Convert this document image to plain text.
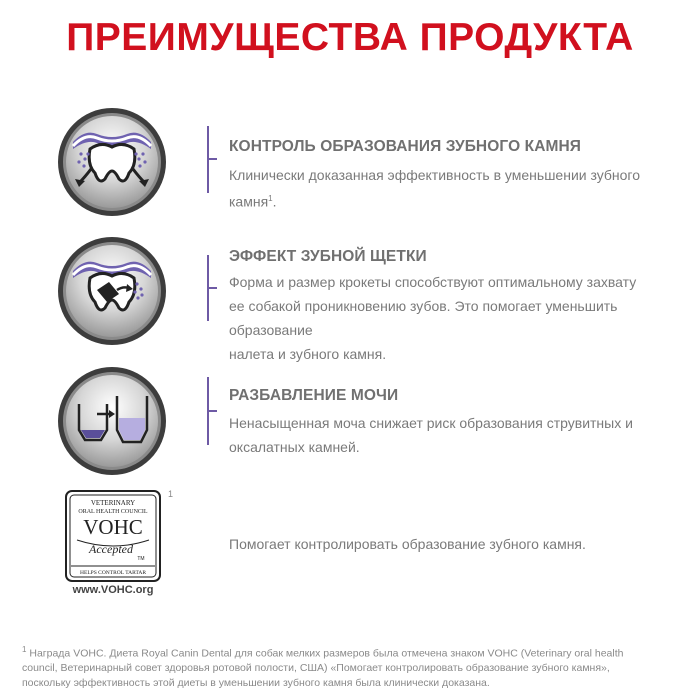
ПРЕИМУЩЕСТВА ПРОДУКТА
КОНТРОЛЬ ОБРАЗОВАНИЯ ЗУБНОГО КАМНЯ
Клинически доказанная эффективность в уменьшении зубного камня$^1$.
ЭФФЕКТ ЗУБНОЙ ЩЕТКИ
Форма и размер крокеты способствуют оптимальному захвату
ее собакой проникновению зубов. Это помогает уменьшить образование
налета и зубного камня.
РАЗБАВЛЕНИЕ МОЧИ
Ненасыщенная моча снижает риск образования струвитных и
оксалатных камней.
VETERINARY
ORAL HEALTH COUNCIL
VOHC
Accepted
TM
HELPS CONTROL TARTAR
www.VOHC.org
1
Помогает контролировать образование зубного камня.
$^1$ Награда VOHC. Диета Royal Canin Dental для собак мелких размеров была отмечена знаком VOHC (Veterinary oral health
council, Ветеринарный совет здоровья ротовой полости, США) «Помогает контролировать образование зубного камня»,
поскольку эффективность этой диеты в уменьшении зубного камня была клинически доказана.
